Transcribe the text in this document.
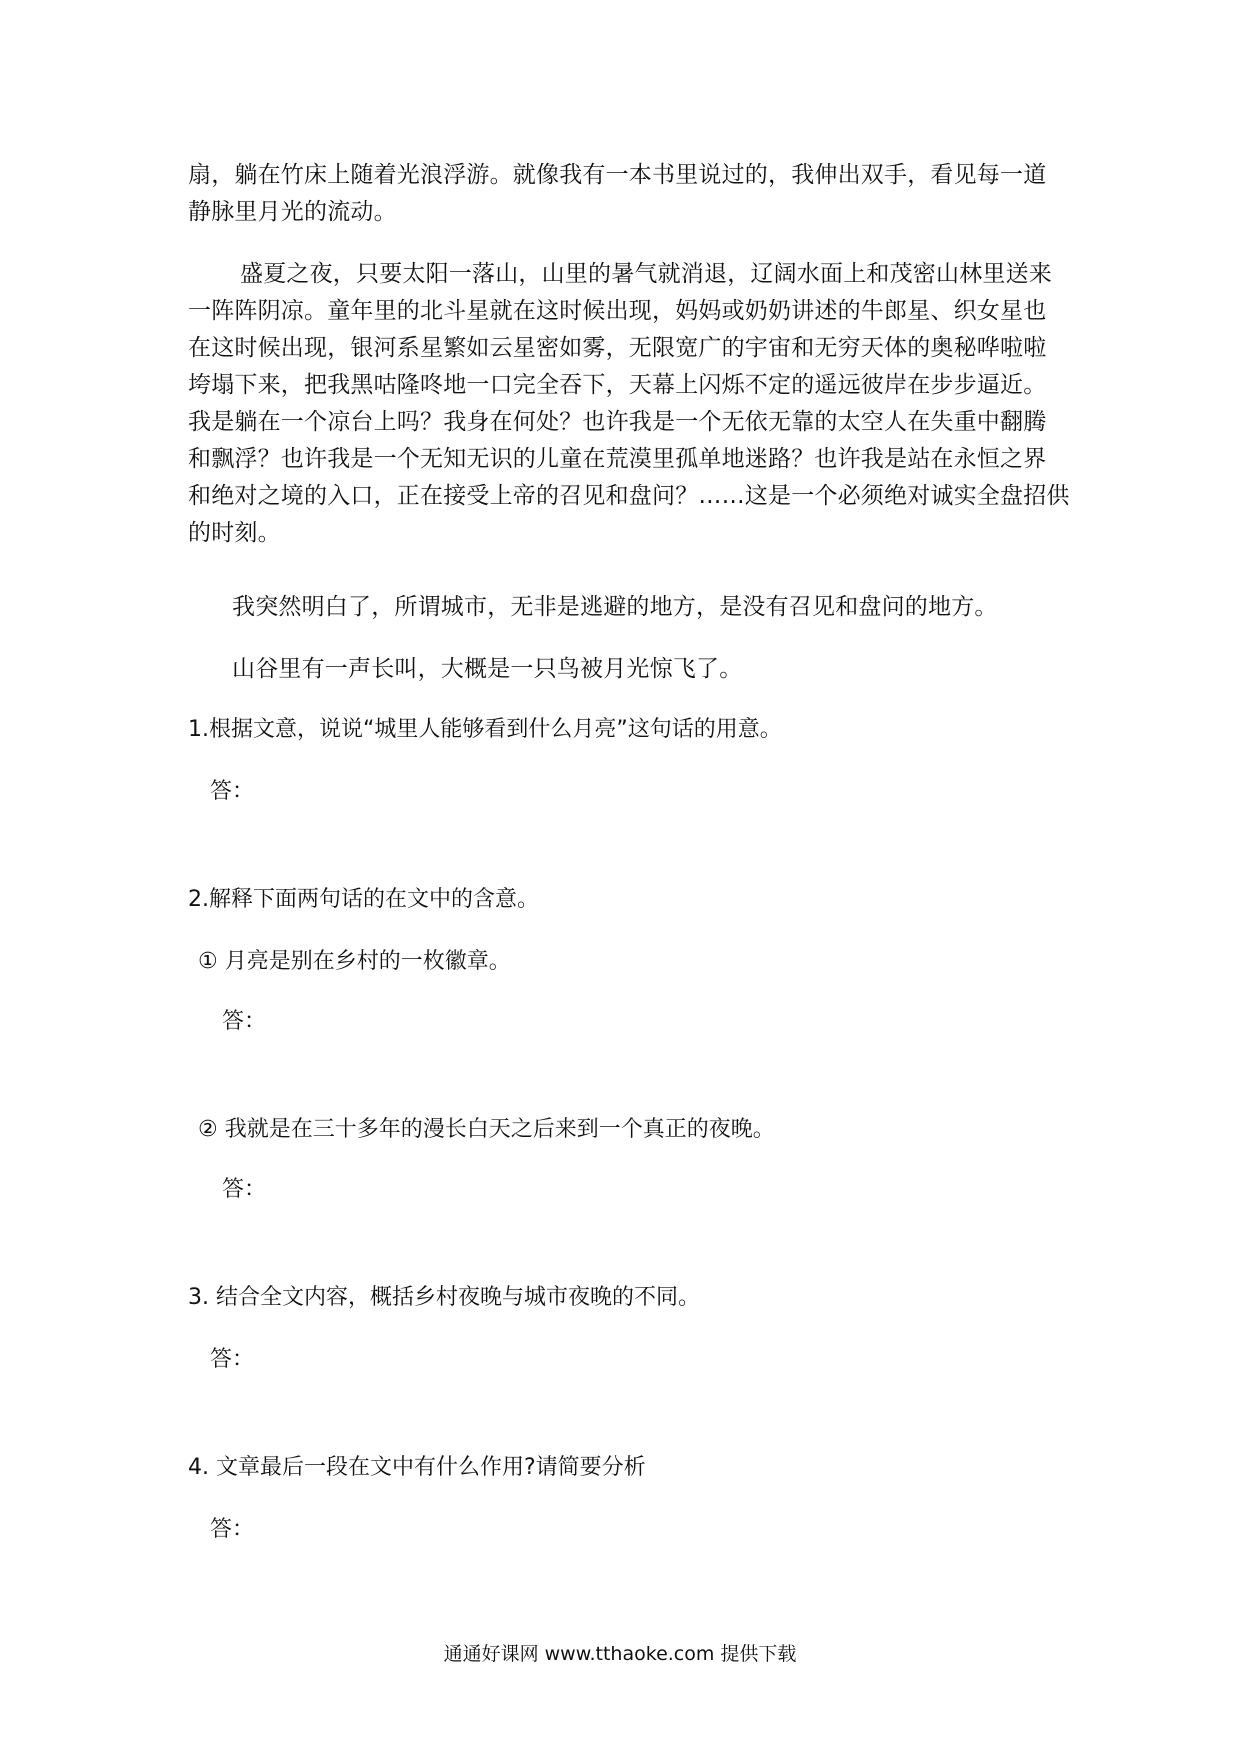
扇，躺在竹床上随着光浪浮游。就像我有一本书里说过的，我伸出双手，看见每一道
静脉里月光的流动。
盛夏之夜，只要太阳一落山，山里的暑气就消退，辽阔水面上和茂密山林里送来
一阵阵阴凉。童年里的北斗星就在这时候出现，妈妈或奶奶讲述的牛郎星、织女星也
在这时候出现，银河系星繁如云星密如雾，无限宽广的宇宙和无穷天体的奥秘哗啦啦
垮塌下来，把我黑咕隆咚地一口完全吞下，天幕上闪烁不定的遥远彼岸在步步逼近。
我是躺在一个凉台上吗？我身在何处？也许我是一个无依无靠的太空人在失重中翻腾
和飘浮？也许我是一个无知无识的儿童在荒漠里孤单地迷路？也许我是站在永恒之界
和绝对之境的入口，正在接受上帝的召见和盘问？……这是一个必须绝对诚实全盘招供
的时刻。
我突然明白了，所谓城市，无非是逃避的地方，是没有召见和盘问的地方。
山谷里有一声长叫，大概是一只鸟被月光惊飞了。
1.根据文意，说说“城里人能够看到什么月亮”这句话的用意。
答：
2.解释下面两句话的在文中的含意。
① 月亮是别在乡村的一枚徽章。
答：
② 我就是在三十多年的漫长白天之后来到一个真正的夜晚。
答：
3. 结合全文内容，概括乡村夜晚与城市夜晚的不同。
答：
4. 文章最后一段在文中有什么作用?请简要分析
答：
通通好课网 www.tthaoke.com 提供下载
